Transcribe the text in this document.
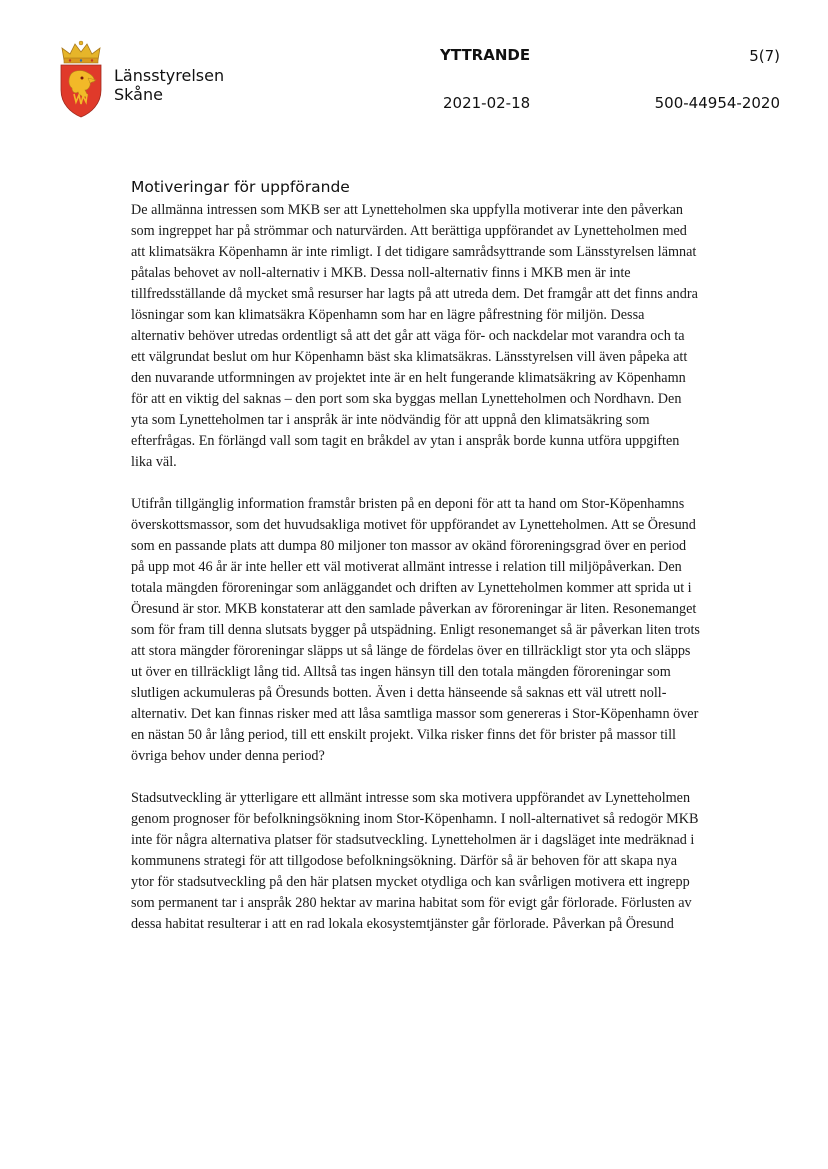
Länsstyrelsen
Skåne
YTTRANDE	5(7)
2021-02-18	500-44954-2020
Motiveringar för uppförande

De allmänna intressen som MKB ser att Lynetteholmen ska uppfylla motiverar inte den påverkan som ingreppet har på strömmar och naturvärden. Att berättiga uppförandet av Lynetteholmen med att klimatsäkra Köpenhamn är inte rimligt. I det tidigare samrådsyttrande som Länsstyrelsen lämnat påtalas behovet av noll-alternativ i MKB. Dessa noll-alternativ finns i MKB men är inte tillfredsställande då mycket små resurser har lagts på att utreda dem. Det framgår att det finns andra lösningar som kan klimatsäkra Köpenhamn som har en lägre påfrestning för miljön. Dessa alternativ behöver utredas ordentligt så att det går att väga för- och nackdelar mot varandra och ta ett välgrundat beslut om hur Köpenhamn bäst ska klimatsäkras. Länsstyrelsen vill även påpeka att den nuvarande utformningen av projektet inte är en helt fungerande klimatsäkring av Köpenhamn för att en viktig del saknas – den port som ska byggas mellan Lynetteholmen och Nordhavn. Den yta som Lynetteholmen tar i anspråk är inte nödvändig för att uppnå den klimatsäkring som efterfrågas. En förlängd vall som tagit en bråkdel av ytan i anspråk borde kunna utföra uppgiften lika väl.

Utifrån tillgänglig information framstår bristen på en deponi för att ta hand om Stor-Köpenhamns överskottsmassor, som det huvudsakliga motivet för uppförandet av Lynetteholmen. Att se Öresund som en passande plats att dumpa 80 miljoner ton massor av okänd föroreningsgrad över en period på upp mot 46 år är inte heller ett väl motiverat allmänt intresse i relation till miljöpåverkan. Den totala mängden föroreningar som anläggandet och driften av Lynetteholmen kommer att sprida ut i Öresund är stor. MKB konstaterar att den samlade påverkan av föroreningar är liten. Resonemanget som för fram till denna slutsats bygger på utspädning. Enligt resonemanget så är påverkan liten trots att stora mängder föroreningar släpps ut så länge de fördelas över en tillräckligt stor yta och släpps ut över en tillräckligt lång tid. Alltså tas ingen hänsyn till den totala mängden föroreningar som slutligen ackumuleras på Öresunds botten. Även i detta hänseende så saknas ett väl utrett noll-alternativ. Det kan finnas risker med att låsa samtliga massor som genereras i Stor-Köpenhamn över en nästan 50 år lång period, till ett enskilt projekt. Vilka risker finns det för brister på massor till övriga behov under denna period?

Stadsutveckling är ytterligare ett allmänt intresse som ska motivera uppförandet av Lynetteholmen genom prognoser för befolkningsökning inom Stor-Köpenhamn. I noll-alternativet så redogör MKB inte för några alternativa platser för stadsutveckling. Lynetteholmen är i dagsläget inte medräknad i kommunens strategi för att tillgodose befolkningsökning. Därför så är behoven för att skapa nya ytor för stadsutveckling på den här platsen mycket otydliga och kan svårligen motivera ett ingrepp som permanent tar i anspråk 280 hektar av marina habitat som för evigt går förlorade. Förlusten av dessa habitat resulterar i att en rad lokala ekosystemtjänster går förlorade. Påverkan på Öresund
